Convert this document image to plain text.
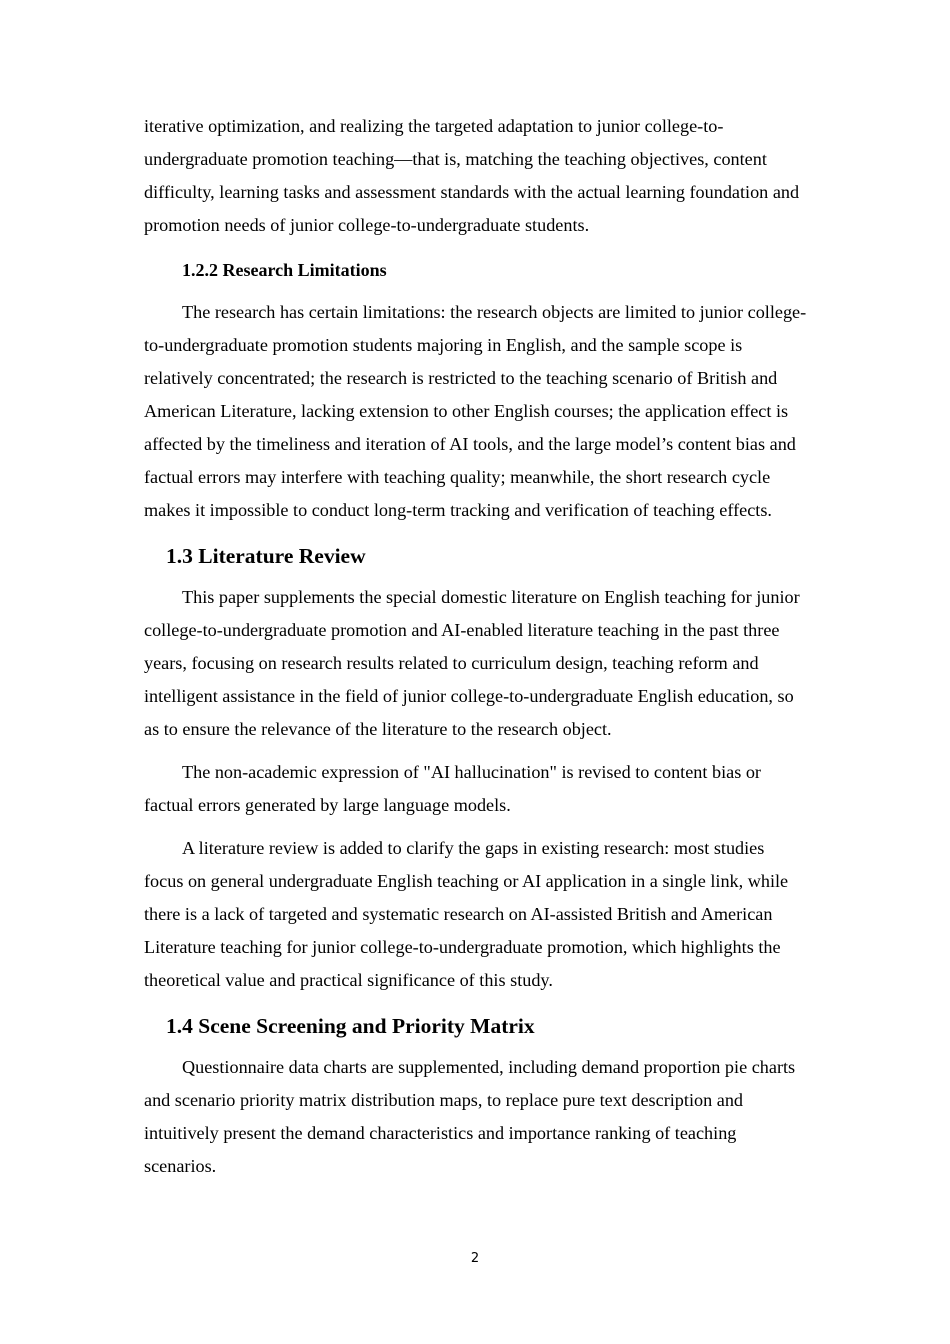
iterative optimization, and realizing the targeted adaptation to junior college-to-undergraduate promotion teaching—that is, matching the teaching objectives, content difficulty, learning tasks and assessment standards with the actual learning foundation and promotion needs of junior college-to-undergraduate students.

1.2.2 Research Limitations

The research has certain limitations: the research objects are limited to junior college-to-undergraduate promotion students majoring in English, and the sample scope is relatively concentrated; the research is restricted to the teaching scenario of British and American Literature, lacking extension to other English courses; the application effect is affected by the timeliness and iteration of AI tools, and the large model’s content bias and factual errors may interfere with teaching quality; meanwhile, the short research cycle makes it impossible to conduct long-term tracking and verification of teaching effects.

1.3 Literature Review

This paper supplements the special domestic literature on English teaching for junior college-to-undergraduate promotion and AI-enabled literature teaching in the past three years, focusing on research results related to curriculum design, teaching reform and intelligent assistance in the field of junior college-to-undergraduate English education, so as to ensure the relevance of the literature to the research object.

The non-academic expression of "AI hallucination" is revised to content bias or factual errors generated by large language models.

A literature review is added to clarify the gaps in existing research: most studies focus on general undergraduate English teaching or AI application in a single link, while there is a lack of targeted and systematic research on AI-assisted British and American Literature teaching for junior college-to-undergraduate promotion, which highlights the theoretical value and practical significance of this study.

1.4 Scene Screening and Priority Matrix

Questionnaire data charts are supplemented, including demand proportion pie charts and scenario priority matrix distribution maps, to replace pure text description and intuitively present the demand characteristics and importance ranking of teaching scenarios.

2
